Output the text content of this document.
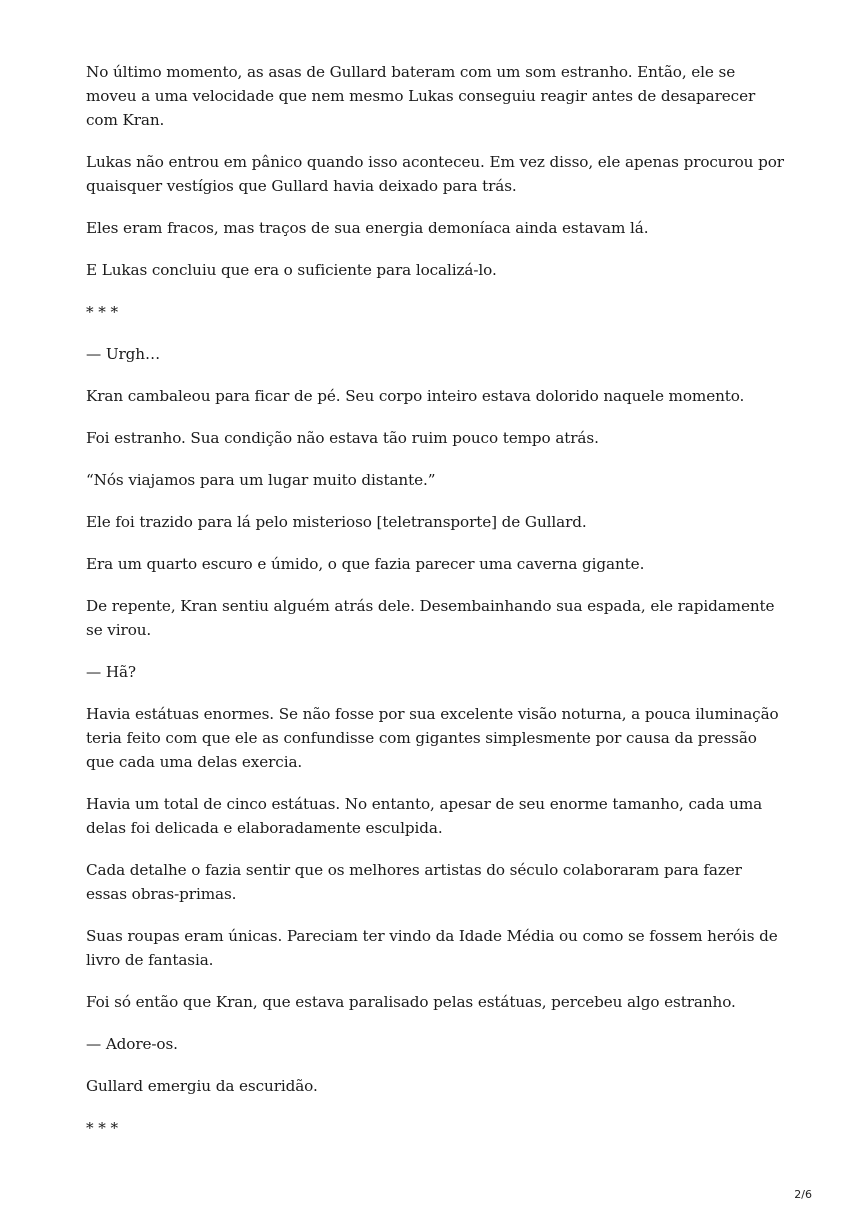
No último momento, as asas de Gullard bateram com um som estranho. Então, ele se moveu a uma velocidade que nem mesmo Lukas conseguiu reagir antes de desaparecer com Kran.

Lukas não entrou em pânico quando isso aconteceu. Em vez disso, ele apenas procurou por quaisquer vestígios que Gullard havia deixado para trás.

Eles eram fracos, mas traços de sua energia demoníaca ainda estavam lá.

E Lukas concluiu que era o suficiente para localizá-lo.

* * *

— Urgh…

Kran cambaleou para ficar de pé. Seu corpo inteiro estava dolorido naquele momento.

Foi estranho. Sua condição não estava tão ruim pouco tempo atrás.

“Nós viajamos para um lugar muito distante.”

Ele foi trazido para lá pelo misterioso [teletransporte] de Gullard.

Era um quarto escuro e úmido, o que fazia parecer uma caverna gigante.

De repente, Kran sentiu alguém atrás dele. Desembainhando sua espada, ele rapidamente se virou.

— Hã?

Havia estátuas enormes. Se não fosse por sua excelente visão noturna, a pouca iluminação teria feito com que ele as confundisse com gigantes simplesmente por causa da pressão que cada uma delas exercia.

Havia um total de cinco estátuas. No entanto, apesar de seu enorme tamanho, cada uma delas foi delicada e elaboradamente esculpida.

Cada detalhe o fazia sentir que os melhores artistas do século colaboraram para fazer essas obras-primas.

Suas roupas eram únicas. Pareciam ter vindo da Idade Média ou como se fossem heróis de livro de fantasia.

Foi só então que Kran, que estava paralisado pelas estátuas, percebeu algo estranho.

— Adore-os.

Gullard emergiu da escuridão.

* * *

2/6
